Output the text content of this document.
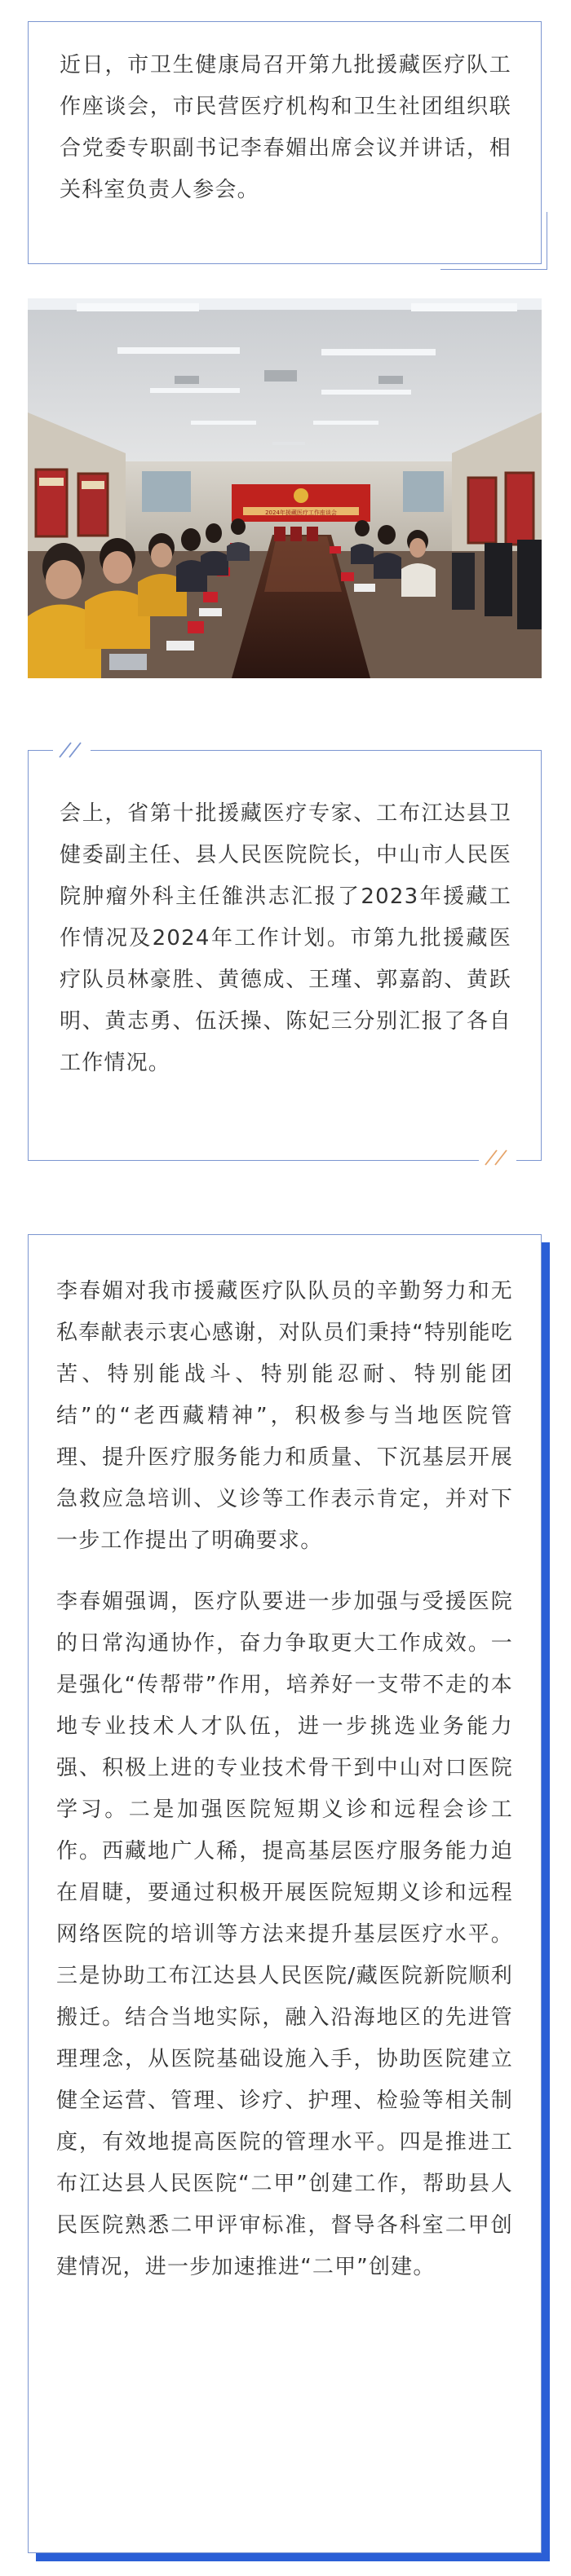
近日，市卫生健康局召开第九批援藏医疗队工作座谈会，市民营医疗机构和卫生社团组织联合党委专职副书记李春媚出席会议并讲话，相关科室负责人参会。

2024年援藏医疗工作座谈会

会上，省第十批援藏医疗专家、工布江达县卫健委副主任、县人民医院院长，中山市人民医院肿瘤外科主任雒洪志汇报了2023年援藏工作情况及2024年工作计划。市第九批援藏医疗队员林豪胜、黄德成、王瑾、郭嘉韵、黄跃明、黄志勇、伍沃操、陈妃三分别汇报了各自工作情况。

李春媚对我市援藏医疗队队员的辛勤努力和无私奉献表示衷心感谢，对队员们秉持“特别能吃苦、特别能战斗、特别能忍耐、特别能团结”的“老西藏精神”，积极参与当地医院管理、提升医疗服务能力和质量、下沉基层开展急救应急培训、义诊等工作表示肯定，并对下一步工作提出了明确要求。

李春媚强调，医疗队要进一步加强与受援医院的日常沟通协作，奋力争取更大工作成效。一是强化“传帮带”作用，培养好一支带不走的本地专业技术人才队伍，进一步挑选业务能力强、积极上进的专业技术骨干到中山对口医院学习。二是加强医院短期义诊和远程会诊工作。西藏地广人稀，提高基层医疗服务能力迫在眉睫，要通过积极开展医院短期义诊和远程网络医院的培训等方法来提升基层医疗水平。三是协助工布江达县人民医院/藏医院新院顺利搬迁。结合当地实际，融入沿海地区的先进管理理念，从医院基础设施入手，协助医院建立健全运营、管理、诊疗、护理、检验等相关制度，有效地提高医院的管理水平。四是推进工布江达县人民医院“二甲”创建工作，帮助县人民医院熟悉二甲评审标准，督导各科室二甲创建情况，进一步加速推进“二甲”创建。
